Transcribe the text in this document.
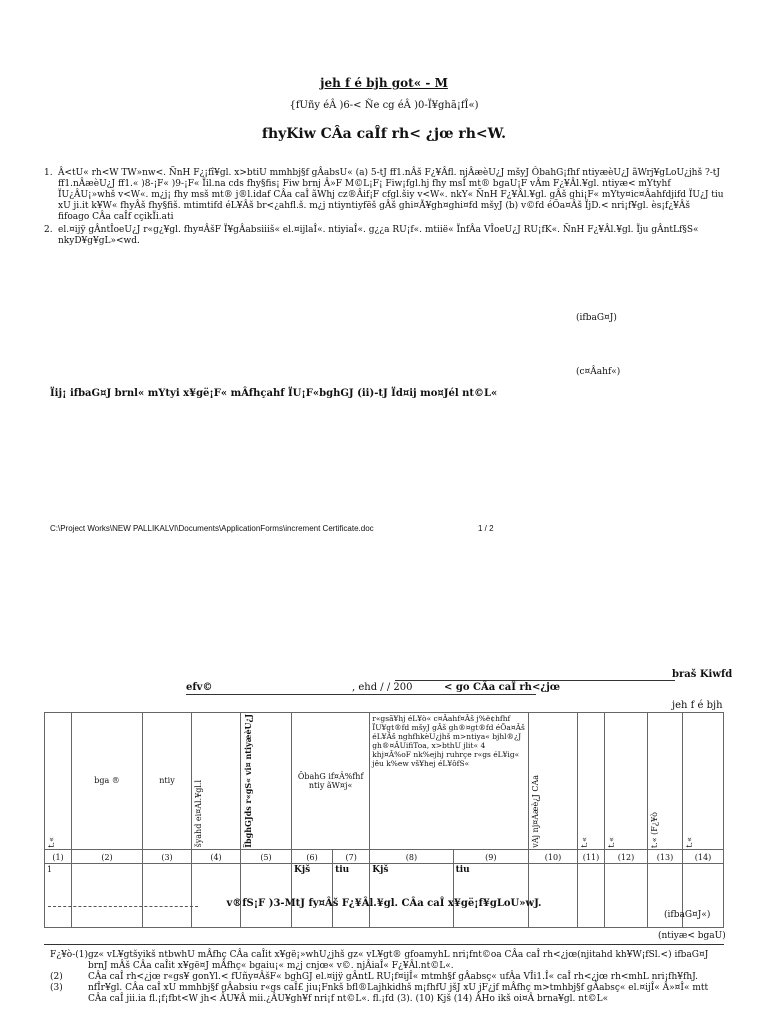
jeh f é bjh got« - M
{fUñy éÂ )6-< Ñe cg éÂ )0-Ï¥ghã¡fÎ«)
fhyKiw CÂa caÎf rh< ¿jœ rh<W.
1. Â<tU« rh<W TW»nw<. ÑnH F¿¡fî¥gl. x>btiU mmhbj§f gÂabsU« (a) 5-tJ ff1.nÂš F¿¥Âfl. njÂæèU¿J mšyJ ÔbahG¡fhf ntiyæèU¿J ãWrj¥gLoU¿jhš ?-tJ ff1.nÂæèU¿J ff1.« )8-¡F« )9-¡F« Ïil.na cds fhy§fis¡ Fiw brnj Â»F M©L¡F¡ Fiw¡fgl.hj fhy msÎ mt® bgaU¡F vÂm F¿¥Âl.¥gl. ntiyæ< mYtyhf ÏU¿ÂU¡»whš v<W«. m¿j¡ fhy msš mt® j®l.idaf CÂa caÎ ãWhj cz®Âif¡F cfgl.šiy v<W«. nkY« ÑnH F¿¥Âl.¥gl. gÂš ghi¡F« mYty¤ic¤Âahfdjifd ÏU¿J tiu xU ji.it k¥W« fhyÂš fhy§fiš. mtimtifd éL¥Âš br<¿ahfl.š. m¿j ntiyntiyfëš gÂš ghi¤Ã¥gh¤ghi¤fd mšyJ (b) v©fd éÕa¤Âš ÏjD.< nri¡f¥gl. ès¡f¿¥Âš fifoago CÂa caÎf cçikÏi.ati
2. el.¤ijÿ gÂntÎoeU¿J r«g¿¥gl. fhy¤ÂšF Ï¥gÂabsiiiš« el.¤ijlaÎ«. ntiyiaÎ«. g¿¿a RU¡f«. mtiië« ÏnfÂa VÎoeU¿J RU¡fK«. ÑnH F¿¥Âl.¥gl. Ïju gÂntLf§S« nkyD¥g¥gL»<wd.
(ifbaG¤J)
(c¤Âahf«)
Ïij¡ ifbaG¤J brnl« mYtyi x¥gë¡F« mÂfhçahf ÏU¡F«bghGJ (ii)-tJ Ïd¤ij mo¤Jél nt©L«
C:\Project Works\NEW PALLIKALVI\Documents\ApplicationForms\increment Certificate.doc	1 / 2
braš Kiwfd
efv©	, ehd / / 200	< go CÂa caÎ rh<¿jœ
jeh f é bjh
t.«	bga ®	ntiy	šyahd ei¤Âl.¥gl.l	ÏbghGJds r«gS« vi¤ ntiyæèU¿J	ÔbahG if¤Â%fhf ntiy ãW¤j«		r«gsã¥hj éL¥ò« c¤Âahf¤Âš j%ë¢hfhf ÏU¥gt®fd mšyJ gÂš gh®¤gt®fd éÕa¤Âš éL¥Âš nghfhkèU¿jhš m>ntiya« bjhl®¿J gh®¤ÂUifiToa, x>bthU jlit« 4 khj¤Â%oF nk%ejhj ruhrçe r«gs éL¥ig« jêu k%ew vš¥hej éL¥ôfS«		vÂj nj¤Âæè¿J CÂa	t.«	t.«	t.« (F¿¥ò	t.«

(1)	(2)	(3)	(4)	(5)	(6)	(7)	(8)	(9)	(10)	(11)	(12)	(13)	(14)
1					Kjš	tiu	Kjš	tiu					
v®fS¡F )3-MtJ fy¤Âš F¿¥Âl.¥gl. CÂa caÎ x¥gë¡f¥gLoU»wJ.
(ifbaG¤J«)
(ntiyæ< bgaU)
F¿¥ò-(1) gz« vL¥gtšyikš ntbwhU mÂfhç CÂa caÎit x¥gë¡»whU¿jhš gz« vL¥gt® gfoamyhL nri¡fnt©oa CÂa caÎ rh<¿jœ(njitahd kh¥W¡fSl.<) ifbaG¤J brnJ mÂš CÂa caÎit x¥gë¤J mÂfhç« bgaiu¡« m¿j cnjœ« v©. njÂiaÎ« F¿¥Âl.nt©L«.
(2)	CÂa caÎ rh<¿jœ r«gs¥ gonYl.< fUñy¤ÂšF« bghGJ el.¤ijÿ gÂntL RU¡f¤ijÎ« mtmh§f gÂabsç« ufÂa VÎi1.Î« caÎ rh<¿jœ rh<mhL nri¡fh¥fhJ.
(3)	nfÎr¥gl. CÂa caÎ xU mmhbj§f gÂabsiu r«gs caÎ£ jiu¡Fnkš bfl®Lajhkidhš m¡fhfU jšJ xU jF¿jf mÂfhç m>tmhbj§f gÂabsç« el.¤ijÎ« Â»¤Î« mtt CÂa caÎ jii.ia fl.¡f¡fbt<W jh< ÂU¥Â mii.¿ÂU¥gh¥f nri¡f nt©L«. fl.¡fd (3). (10) Kjš (14) ÂHo ikš oi¤Â brna¥gl. nt©L«
